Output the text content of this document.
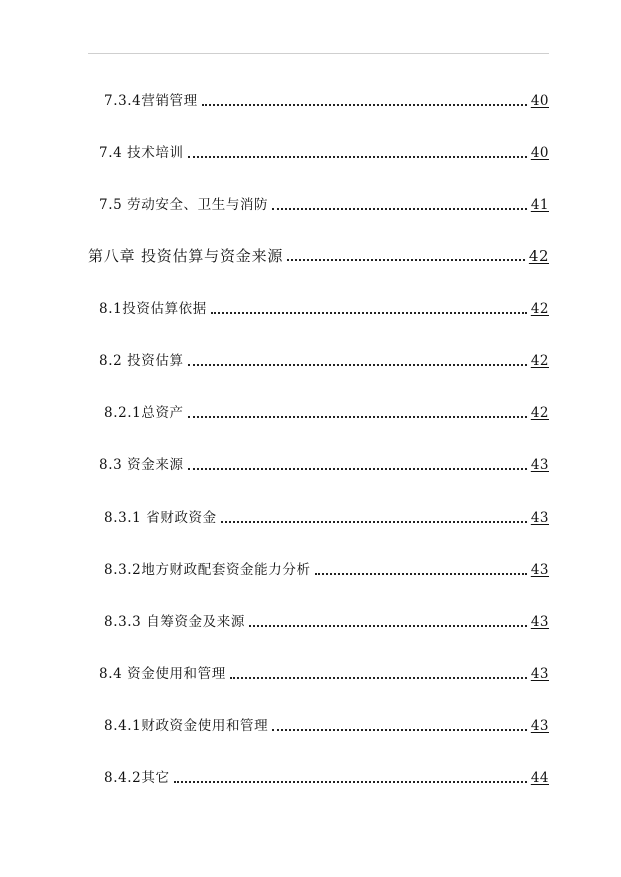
7.3.4营销管理	40
7.4 技术培训	40
7.5 劳动安全、卫生与消防	41
第八章 投资估算与资金来源	42
8.1投资估算依据	42
8.2 投资估算	42
8.2.1总资产	42
8.3 资金来源	43
8.3.1 省财政资金	43
8.3.2地方财政配套资金能力分析	43
8.3.3 自筹资金及来源	43
8.4 资金使用和管理	43
8.4.1财政资金使用和管理	43
8.4.2其它	44
